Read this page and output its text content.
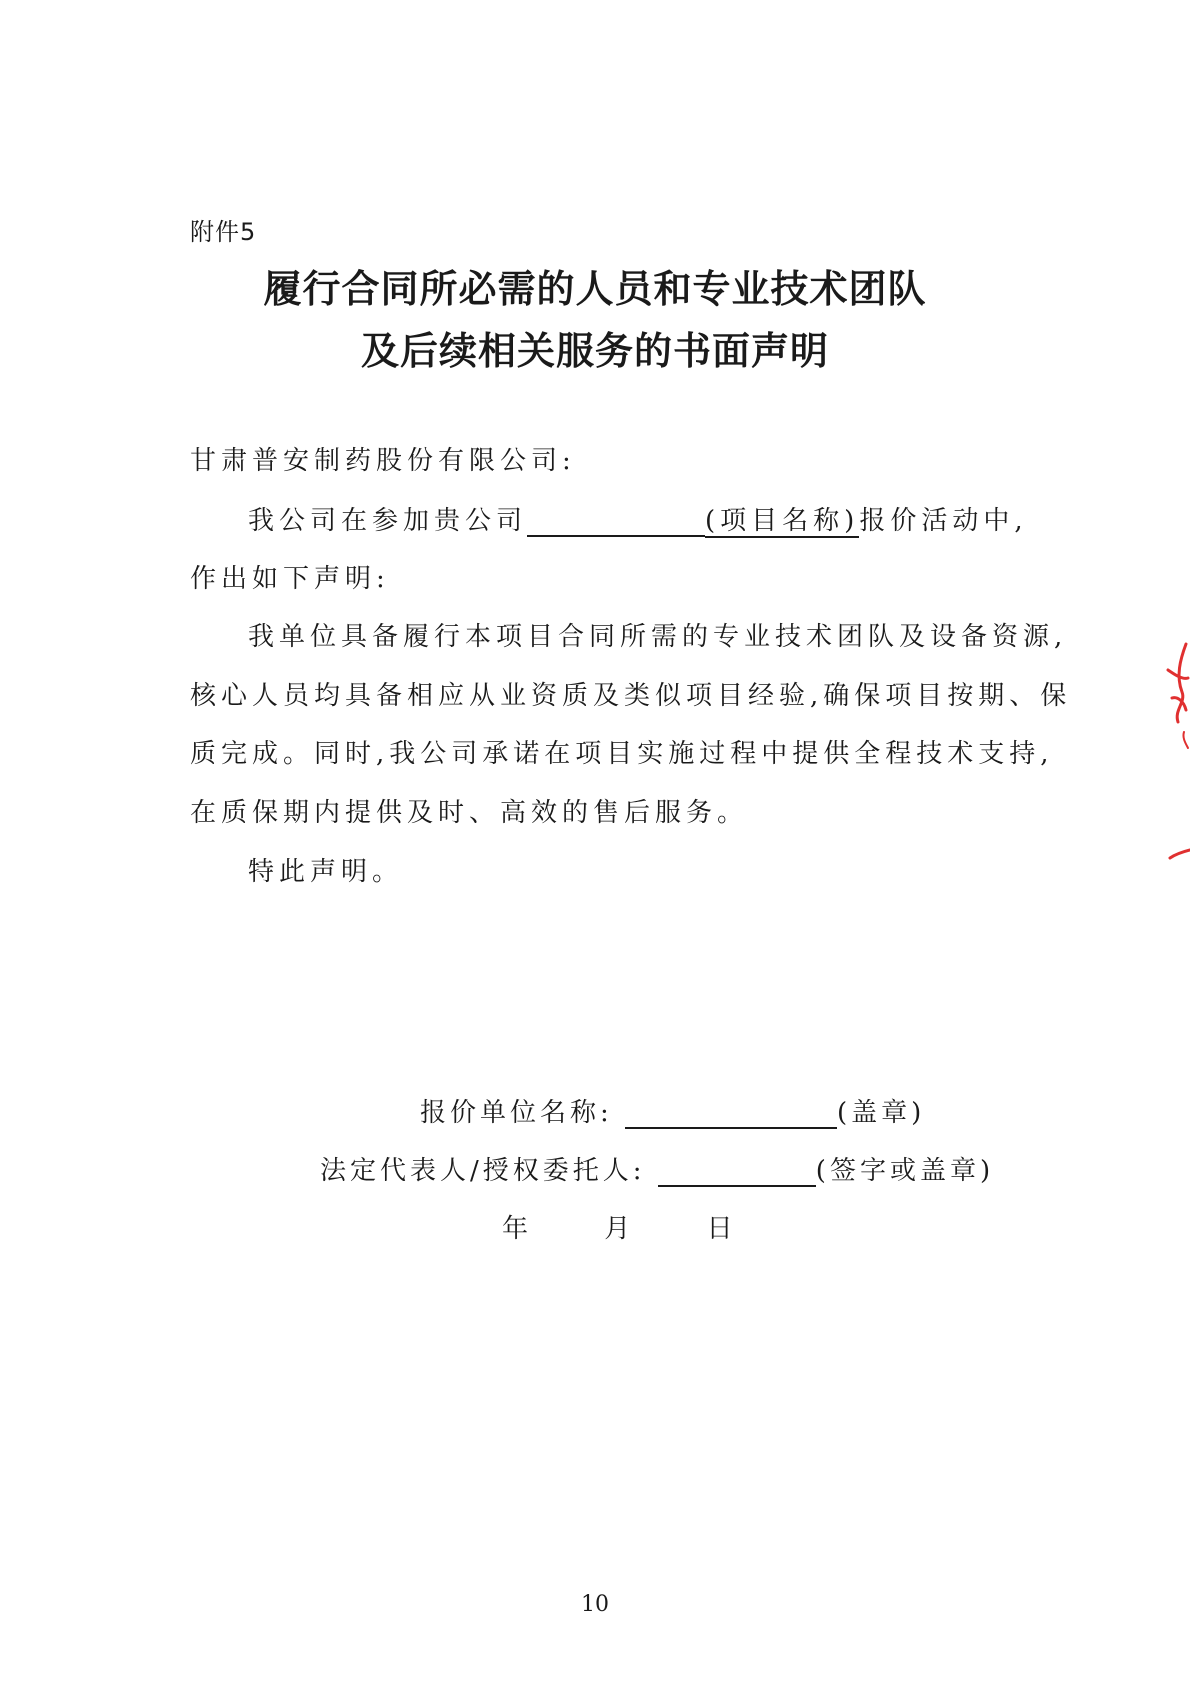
附件5
履行合同所必需的人员和专业技术团队
及后续相关服务的书面声明
甘肃普安制药股份有限公司:
我公司在参加贵公司	(项目名称)报价活动中,
作出如下声明:
我单位具备履行本项目合同所需的专业技术团队及设备资源,
核心人员均具备相应从业资质及类似项目经验,确保项目按期、保
质完成。同时,我公司承诺在项目实施过程中提供全程技术支持,
在质保期内提供及时、高效的售后服务。
特此声明。
报价单位名称:	(盖章)
法定代表人/授权委托人:	(签字或盖章)
年	月	日
10
